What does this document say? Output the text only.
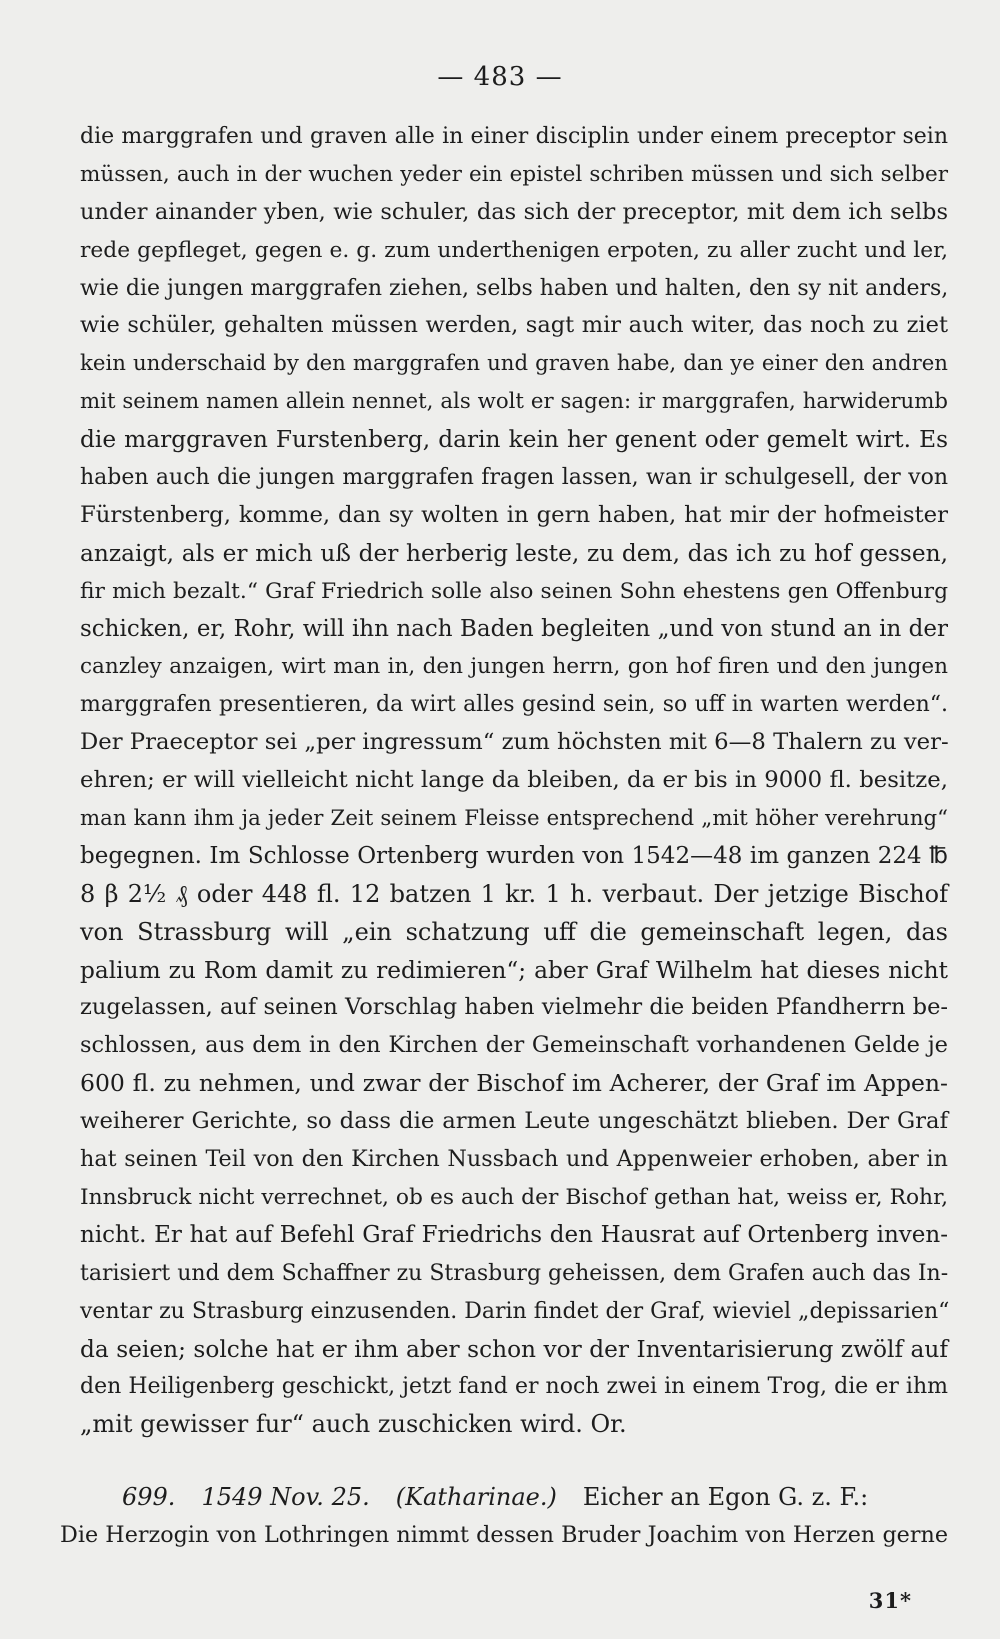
— 483 —
die marggrafen und graven alle in einer disciplin under einem preceptor sein
müssen, auch in der wuchen yeder ein epistel schriben müssen und sich selber
under ainander yben, wie schuler, das sich der preceptor, mit dem ich selbs
rede gepfleget, gegen e. g. zum underthenigen erpoten, zu aller zucht und ler,
wie die jungen marggrafen ziehen, selbs haben und halten, den sy nit anders,
wie schüler, gehalten müssen werden, sagt mir auch witer, das noch zu ziet
kein underschaid by den marggrafen und graven habe, dan ye einer den andren
mit seinem namen allein nennet, als wolt er sagen: ir marggrafen, harwiderumb
die marggraven Furstenberg, darin kein her genent oder gemelt wirt. Es
haben auch die jungen marggrafen fragen lassen, wan ir schulgesell, der von
Fürstenberg, komme, dan sy wolten in gern haben, hat mir der hofmeister
anzaigt, als er mich uß der herberig leste, zu dem, das ich zu hof gessen,
fir mich bezalt.“ Graf Friedrich solle also seinen Sohn ehestens gen Offenburg
schicken, er, Rohr, will ihn nach Baden begleiten „und von stund an in der
canzley anzaigen, wirt man in, den jungen herrn, gon hof firen und den jungen
marggrafen presentieren, da wirt alles gesind sein, so uff in warten werden“.
Der Praeceptor sei „per ingressum“ zum höchsten mit 6—8 Thalern zu ver-
ehren; er will vielleicht nicht lange da bleiben, da er bis in 9000 fl. besitze,
man kann ihm ja jeder Zeit seinem Fleisse entsprechend „mit höher verehrung“
begegnen. Im Schlosse Ortenberg wurden von 1542—48 im ganzen 224 ℔
8 β 2½ ₰ oder 448 fl. 12 batzen 1 kr. 1 h. verbaut. Der jetzige Bischof
von Strassburg will „ein schatzung uff die gemeinschaft legen, das
palium zu Rom damit zu redimieren“; aber Graf Wilhelm hat dieses nicht
zugelassen, auf seinen Vorschlag haben vielmehr die beiden Pfandherrn be-
schlossen, aus dem in den Kirchen der Gemeinschaft vorhandenen Gelde je
600 fl. zu nehmen, und zwar der Bischof im Acherer, der Graf im Appen-
weiherer Gerichte, so dass die armen Leute ungeschätzt blieben. Der Graf
hat seinen Teil von den Kirchen Nussbach und Appenweier erhoben, aber in
Innsbruck nicht verrechnet, ob es auch der Bischof gethan hat, weiss er, Rohr,
nicht. Er hat auf Befehl Graf Friedrichs den Hausrat auf Ortenberg inven-
tarisiert und dem Schaffner zu Strasburg geheissen, dem Grafen auch das In-
ventar zu Strasburg einzusenden. Darin findet der Graf, wieviel „depissarien“
da seien; solche hat er ihm aber schon vor der Inventarisierung zwölf auf
den Heiligenberg geschickt, jetzt fand er noch zwei in einem Trog, die er ihm
„mit gewisser fur“ auch zuschicken wird. Or.
699. 1549 Nov. 25. (Katharinae.) Eicher an Egon G. z. F.:
Die Herzogin von Lothringen nimmt dessen Bruder Joachim von Herzen gerne
31*
